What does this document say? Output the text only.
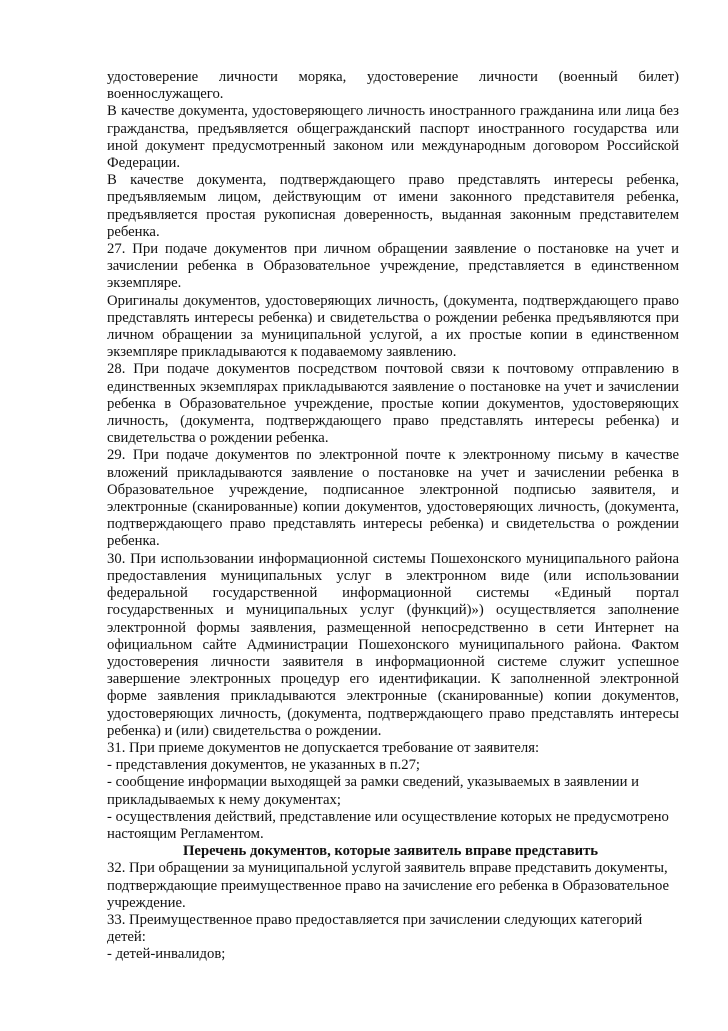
удостоверение личности моряка, удостоверение личности (военный билет) военнослужащего.

В качестве документа, удостоверяющего личность иностранного гражданина или лица без гражданства, предъявляется общегражданский паспорт иностранного государства или иной документ предусмотренный законом или международным договором Российской Федерации.

В качестве документа, подтверждающего право представлять интересы ребенка, предъявляемым лицом, действующим от имени законного представителя ребенка, предъявляется простая рукописная доверенность, выданная законным представителем ребенка.

27. При подаче документов при личном обращении заявление о постановке на учет и зачислении ребенка в Образовательное учреждение, представляется в единственном экземпляре.

Оригиналы документов, удостоверяющих личность, (документа, подтверждающего право представлять интересы ребенка) и свидетельства о рождении ребенка предъявляются при личном обращении за муниципальной услугой, а их простые копии в единственном экземпляре прикладываются к подаваемому заявлению.

28. При подаче документов посредством почтовой связи к почтовому отправлению в единственных экземплярах прикладываются заявление о постановке на учет и зачислении ребенка в Образовательное учреждение, простые копии документов, удостоверяющих личность, (документа, подтверждающего право представлять интересы ребенка) и свидетельства о рождении ребенка.

29. При подаче документов по электронной почте к электронному письму в качестве вложений прикладываются заявление о постановке на учет и зачислении ребенка в Образовательное учреждение, подписанное электронной подписью заявителя, и электронные (сканированные) копии документов, удостоверяющих личность, (документа, подтверждающего право представлять интересы ребенка) и свидетельства о рождении ребенка.

30. При использовании информационной системы Пошехонского муниципального района предоставления муниципальных услуг в электронном виде (или использовании федеральной государственной информационной системы «Единый портал государственных и муниципальных услуг (функций)») осуществляется заполнение электронной формы заявления, размещенной непосредственно в сети Интернет на официальном сайте Администрации Пошехонского муниципального района. Фактом удостоверения личности заявителя в информационной системе служит успешное завершение электронных процедур его идентификации. К заполненной электронной форме заявления прикладываются электронные (сканированные) копии документов, удостоверяющих личность, (документа, подтверждающего право представлять интересы ребенка) и (или) свидетельства о рождении.

31. При приеме документов не допускается требование от заявителя:

- представления документов, не указанных в п.27;

- сообщение информации выходящей за рамки сведений, указываемых в заявлении и прикладываемых к нему документах;

- осуществления действий, представление или осуществление которых не предусмотрено настоящим Регламентом.

Перечень документов, которые заявитель вправе представить

32. При обращении за муниципальной услугой заявитель вправе представить документы, подтверждающие преимущественное право на зачисление его ребенка в Образовательное учреждение.

33. Преимущественное право предоставляется при зачислении следующих категорий детей:

- детей-инвалидов;
